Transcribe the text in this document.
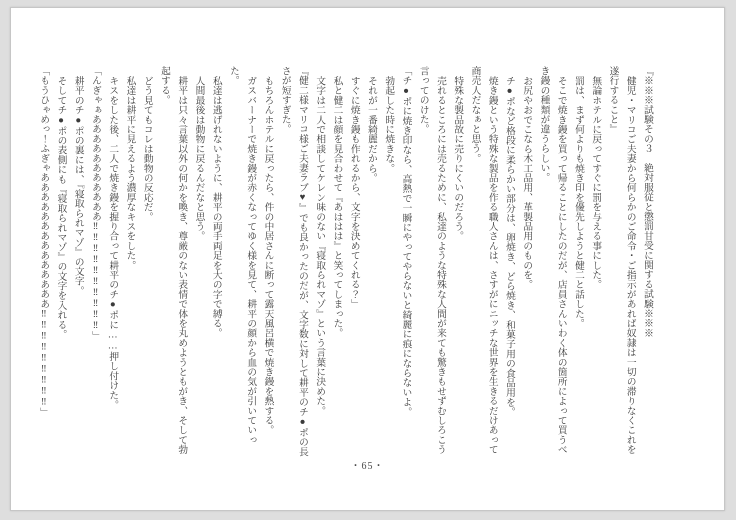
『※※※試験その３　絶対服従と懲罰甘受に関する試験※※※

健児・マリコご夫妻から何らかのご命令・ご指示があれば奴隷は一切の滞りなくこれを遂行すること』

無論ホテルに戻ってすぐに罰を与える事にした。

罰は、まず何よりも焼き印を優先しようと健二と話した。

そこで焼き鏝を買って帰ることにしたのだが、店員さんいわく体の箇所によって買うべき鏝の種類が違うらしい。

お尻やおでこなら木工品用、革製品用のものを。

チ●ポなど格段に柔らかい部分は、卵焼き、どら焼き、和菓子用の食品用を。

焼き鏝という特殊な製品を作る職人さんは、さすがにニッチな世界を生きるだけあって商売人だなぁと思う。

特殊な製品故に売りにくいのだろう。

売れるところには売るために、私達のような特殊な人間が来ても驚きもせずむしろこう言ってのけた。

「チ●ポに焼き印なら、高熱で一瞬にやってやらないと綺麗に痕にならないよ。

勃起した時に焼きな。

それが一番綺麗だから。

すぐに焼き鏝も作れるから、文字を決めてくれる？」

私と健二は顔を見合わせて『あははは』と笑ってしまった。

文字は二人で相談してケレン味のない『寝取られマゾ』という言葉に決めた。

『健二様マリコ様ご夫妻ラブ♥』でも良かったのだが、文字数に対して耕平のチ●ポの長さが短すぎた。

もちろんホテルに戻ったら、件の中居さんに断って露天風呂横で焼き鏝を熱する。

ガスバーナーで焼き鏝が赤くなってゆく様を見て、耕平の顔から血の気が引いていった。

私達は逃げれないように、耕平の両手両足を大の字で縛る。

人間最後は動物に戻るんだなと思う。

耕平は只々言葉以外の何かを喚き、尊厳のない表情で体を丸めようともがき、そして勃起する。

どう見てもコレは動物の反応だ。

私達は耕平に見えるよう濃厚なキスをした。

キスをした後、二人で焼き鏝を握り合って耕平のチ●ポに……押し付けた。

「んぎゃぁあああああああああああ‼‼‼‼‼‼‼‼‼‼」

耕平のチ●ポの裏には、『寝取られマゾ』の文字。

そしてチ●ポの表側にも『寝取られマゾ』の文字を入れる。

「もうひゃめっ！ふぎゃああああああああああああああ‼‼‼‼‼‼‼‼‼」

・65・
